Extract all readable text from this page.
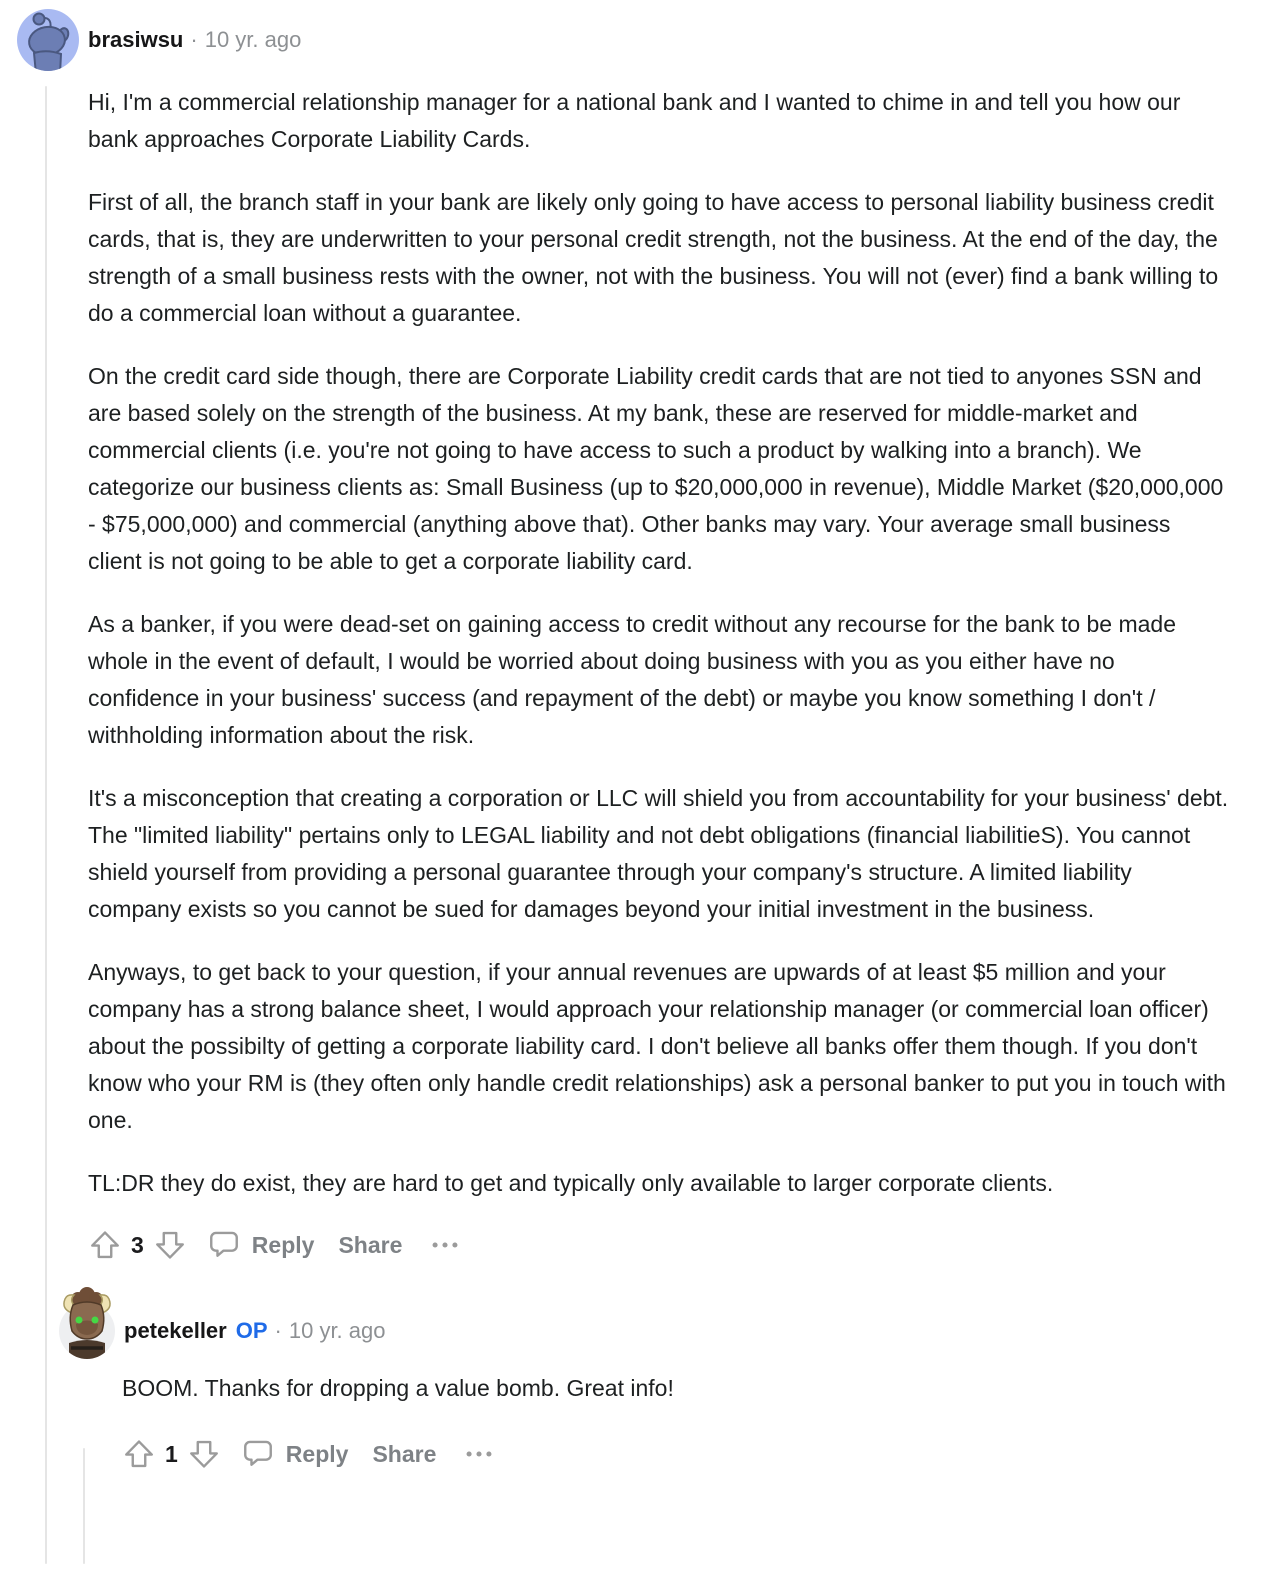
brasiwsu · 10 yr. ago

Hi, I'm a commercial relationship manager for a national bank and I wanted to chime in and tell you how our bank approaches Corporate Liability Cards.

First of all, the branch staff in your bank are likely only going to have access to personal liability business credit cards, that is, they are underwritten to your personal credit strength, not the business. At the end of the day, the strength of a small business rests with the owner, not with the business. You will not (ever) find a bank willing to do a commercial loan without a guarantee.

On the credit card side though, there are Corporate Liability credit cards that are not tied to anyones SSN and are based solely on the strength of the business. At my bank, these are reserved for middle-market and commercial clients (i.e. you're not going to have access to such a product by walking into a branch). We categorize our business clients as: Small Business (up to $20,000,000 in revenue), Middle Market ($20,000,000 - $75,000,000) and commercial (anything above that). Other banks may vary. Your average small business client is not going to be able to get a corporate liability card.

As a banker, if you were dead-set on gaining access to credit without any recourse for the bank to be made whole in the event of default, I would be worried about doing business with you as you either have no confidence in your business' success (and repayment of the debt) or maybe you know something I don't / withholding information about the risk.

It's a misconception that creating a corporation or LLC will shield you from accountability for your business' debt. The "limited liability" pertains only to LEGAL liability and not debt obligations (financial liabilitieS). You cannot shield yourself from providing a personal guarantee through your company's structure. A limited liability company exists so you cannot be sued for damages beyond your initial investment in the business.

Anyways, to get back to your question, if your annual revenues are upwards of at least $5 million and your company has a strong balance sheet, I would approach your relationship manager (or commercial loan officer) about the possibilty of getting a corporate liability card. I don't believe all banks offer them though. If you don't know who your RM is (they often only handle credit relationships) ask a personal banker to put you in touch with one.

TL:DR they do exist, they are hard to get and typically only available to larger corporate clients.

3	Reply Share
petekeller OP · 10 yr. ago

BOOM. Thanks for dropping a value bomb. Great info!

1	Reply Share
